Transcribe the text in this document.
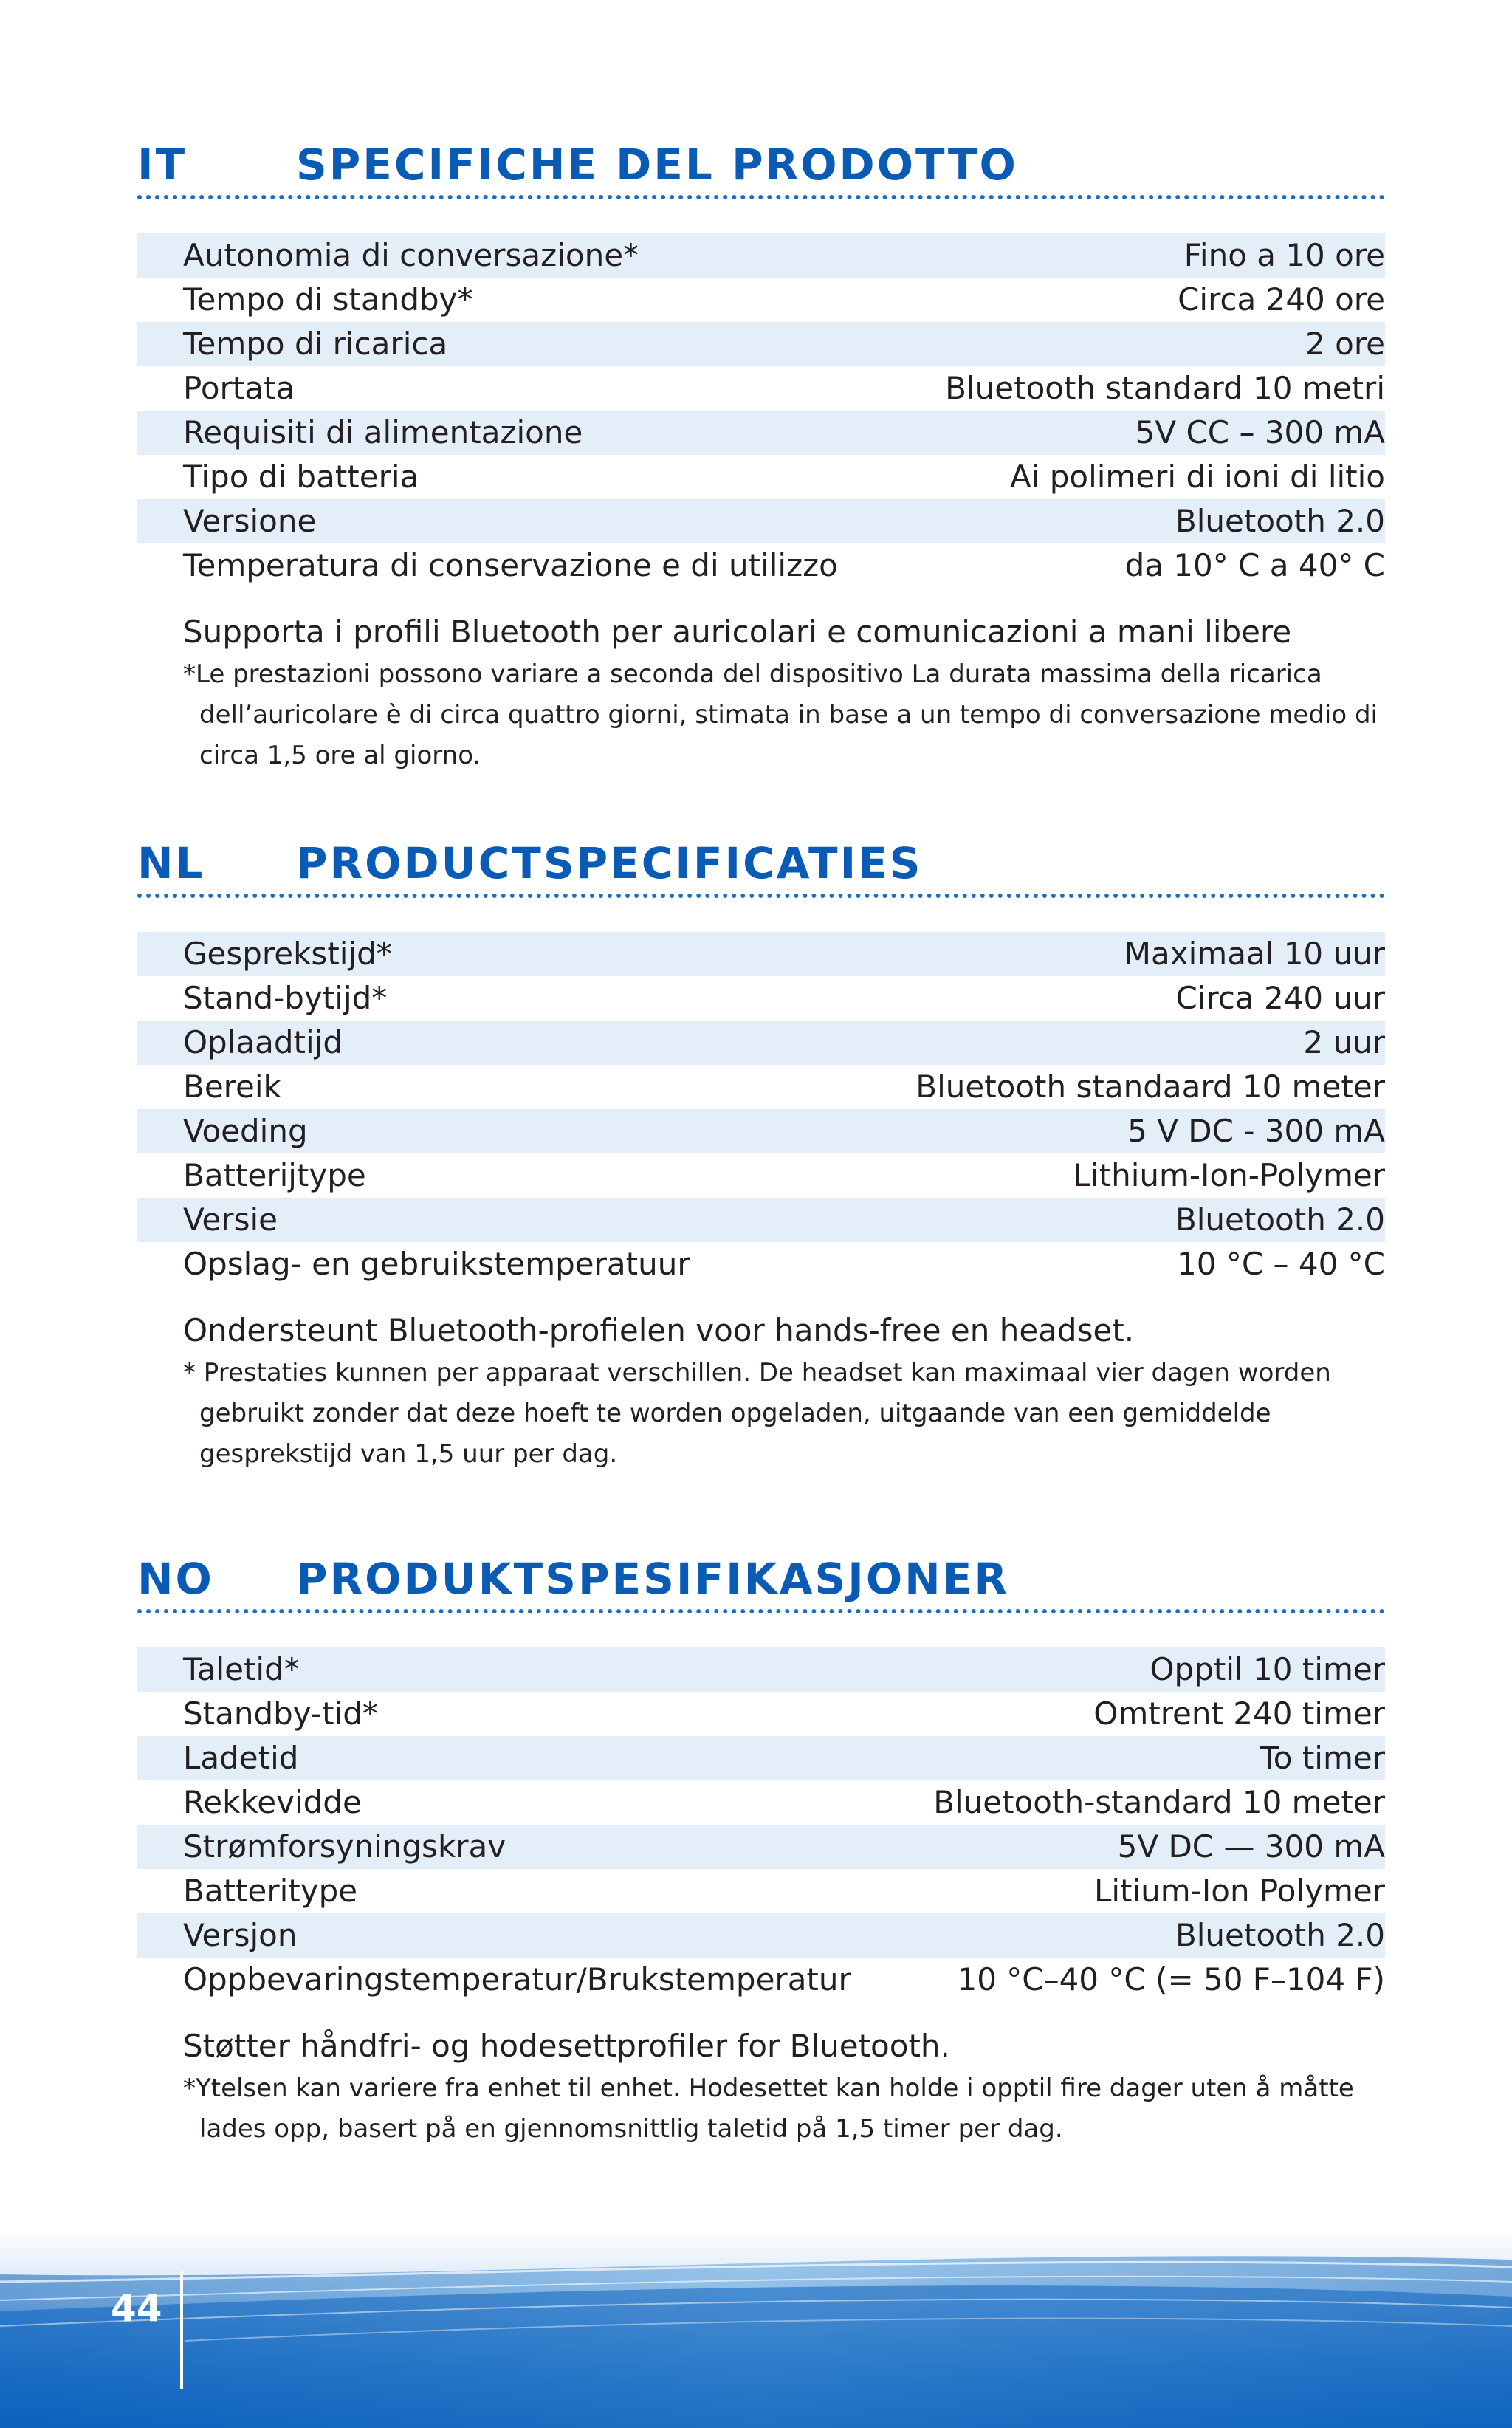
IT	SPECIFICHE DEL PRODOTTO
Autonomia di conversazione*	Fino a 10 ore
Tempo di standby*	Circa 240 ore
Tempo di ricarica	2 ore
Portata	Bluetooth standard 10 metri
Requisiti di alimentazione	5V CC – 300 mA
Tipo di batteria	Ai polimeri di ioni di litio
Versione	Bluetooth 2.0
Temperatura di conservazione e di utilizzo	da 10° C a 40° C
Supporta i profili Bluetooth per auricolari e comunicazioni a mani libere
*Le prestazioni possono variare a seconda del dispositivo La durata massima della ricarica dell’auricolare è di circa quattro giorni, stimata in base a un tempo di conversazione medio di circa 1,5 ore al giorno.
NL PRODUCTSPECIFICATIES
Gesprekstijd*	Maximaal 10 uur
Stand-bytijd*	Circa 240 uur
Oplaadtijd	2 uur
Bereik	Bluetooth standaard 10 meter
Voeding	5 V DC - 300 mA
Batterijtype	Lithium-Ion-Polymer
Versie	Bluetooth 2.0
Opslag- en gebruikstemperatuur	10 °C – 40 °C
Ondersteunt Bluetooth-profielen voor hands-free en headset.
* Prestaties kunnen per apparaat verschillen. De headset kan maximaal vier dagen worden gebruikt zonder dat deze hoeft te worden opgeladen, uitgaande van een gemiddelde gesprekstijd van 1,5 uur per dag.
NO PRODUKTSPESIFIKASJONER
Taletid*	Opptil 10 timer
Standby-tid*	Omtrent 240 timer
Ladetid	To timer
Rekkevidde	Bluetooth-standard 10 meter
Strømforsyningskrav	5V DC — 300 mA
Batteritype	Litium-Ion Polymer
Versjon	Bluetooth 2.0
Oppbevaringstemperatur/Brukstemperatur	10 °C–40 °C (= 50 F–104 F)
Støtter håndfri- og hodesettprofiler for Bluetooth.
*Ytelsen kan variere fra enhet til enhet. Hodesettet kan holde i opptil fire dager uten å måtte lades opp, basert på en gjennomsnittlig taletid på 1,5 timer per dag.
44
